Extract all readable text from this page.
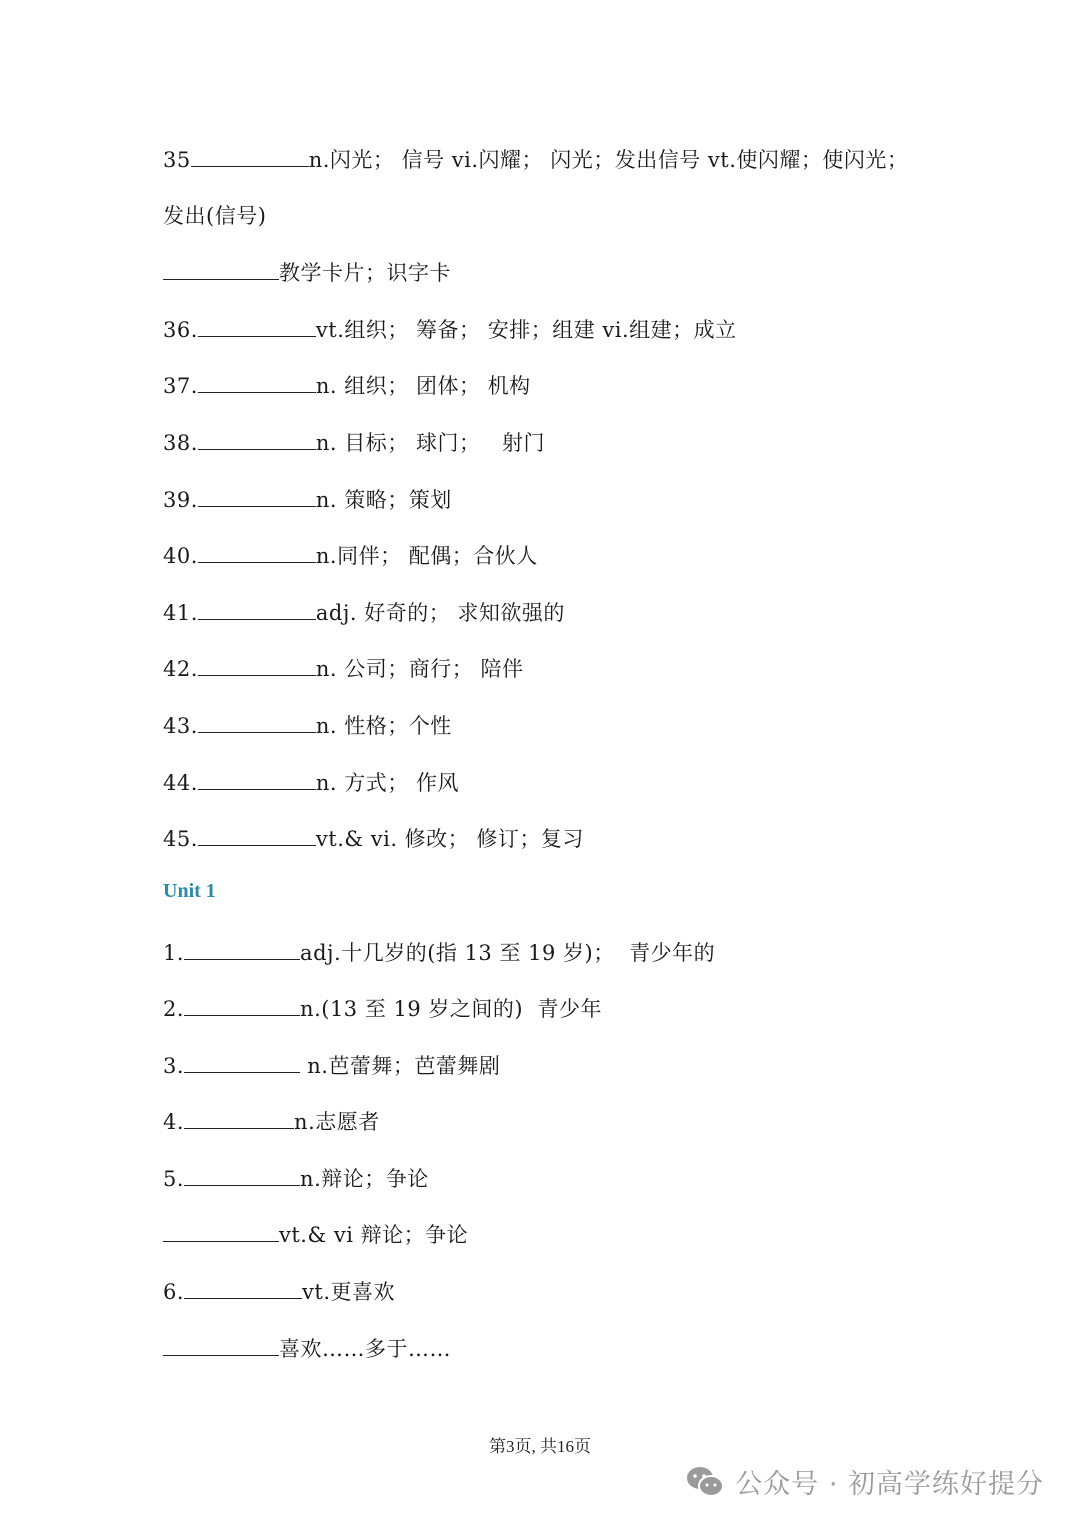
35	n.闪光； 信号 vi.闪耀； 闪光；发出信号 vt.使闪耀；使闪光；
发出(信号)
教学卡片；识字卡
36.	vt.组织； 筹备； 安排；组建 vi.组建；成立
37.	n. 组织； 团体； 机构
38.	n. 目标； 球门；   射门
39.	n. 策略；策划
40.	n.同伴； 配偶；合伙人
41.	adj. 好奇的； 求知欲强的
42.	n. 公司；商行； 陪伴
43.	n. 性格；个性
44.	n. 方式； 作风
45.	vt.& vi. 修改； 修订；复习
Unit 1
1.	adj.十几岁的(指 13 至 19 岁)；  青少年的
2.	n.(13 至 19 岁之间的)  青少年
3.	n.芭蕾舞；芭蕾舞剧
4.	n.志愿者
5.	n.辩论；争论
vt.& vi 辩论；争论
6.	vt.更喜欢
喜欢……多于……
第3页, 共16页
公众号 · 初高学练好提分
